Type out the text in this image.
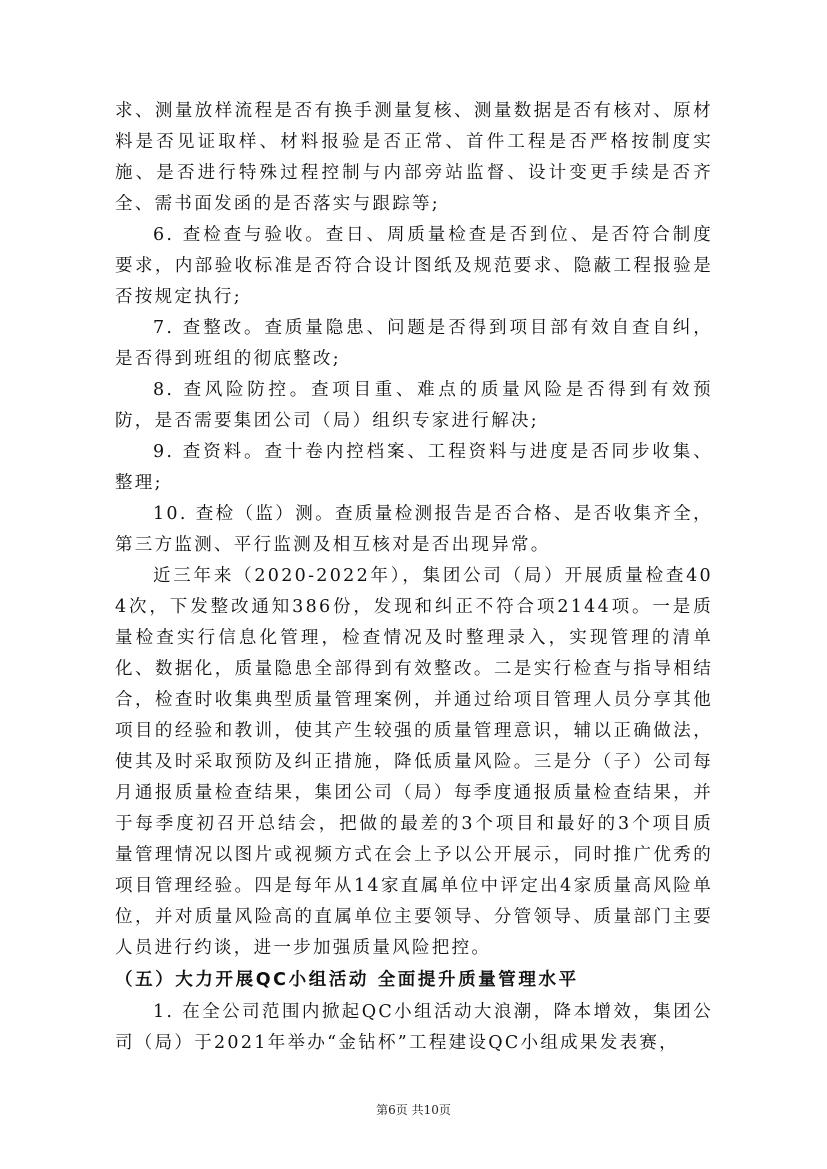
求、测量放样流程是否有换手测量复核、测量数据是否有核对、原材料是否见证取样、材料报验是否正常、首件工程是否严格按制度实施、是否进行特殊过程控制与内部旁站监督、设计变更手续是否齐全、需书面发函的是否落实与跟踪等;

6. 查检查与验收。查日、周质量检查是否到位、是否符合制度要求，内部验收标准是否符合设计图纸及规范要求、隐蔽工程报验是否按规定执行;

7. 查整改。查质量隐患、问题是否得到项目部有效自查自纠，是否得到班组的彻底整改;

8. 查风险防控。查项目重、难点的质量风险是否得到有效预防，是否需要集团公司（局）组织专家进行解决;

9. 查资料。查十卷内控档案、工程资料与进度是否同步收集、整理;

10. 查检（监）测。查质量检测报告是否合格、是否收集齐全，第三方监测、平行监测及相互核对是否出现异常。

近三年来（2020-2022年），集团公司（局）开展质量检查404次，下发整改通知386份，发现和纠正不符合项2144项。一是质量检查实行信息化管理，检查情况及时整理录入，实现管理的清单化、数据化，质量隐患全部得到有效整改。二是实行检查与指导相结合，检查时收集典型质量管理案例，并通过给项目管理人员分享其他项目的经验和教训，使其产生较强的质量管理意识，辅以正确做法，使其及时采取预防及纠正措施，降低质量风险。三是分（子）公司每月通报质量检查结果，集团公司（局）每季度通报质量检查结果，并于每季度初召开总结会，把做的最差的3个项目和最好的3个项目质量管理情况以图片或视频方式在会上予以公开展示，同时推广优秀的项目管理经验。四是每年从14家直属单位中评定出4家质量高风险单位，并对质量风险高的直属单位主要领导、分管领导、质量部门主要人员进行约谈，进一步加强质量风险把控。

（五）大力开展QC小组活动 全面提升质量管理水平

1. 在全公司范围内掀起QC小组活动大浪潮，降本增效，集团公司（局）于2021年举办“金钻杯”工程建设QC小组成果发表赛，

第6页 共10页
